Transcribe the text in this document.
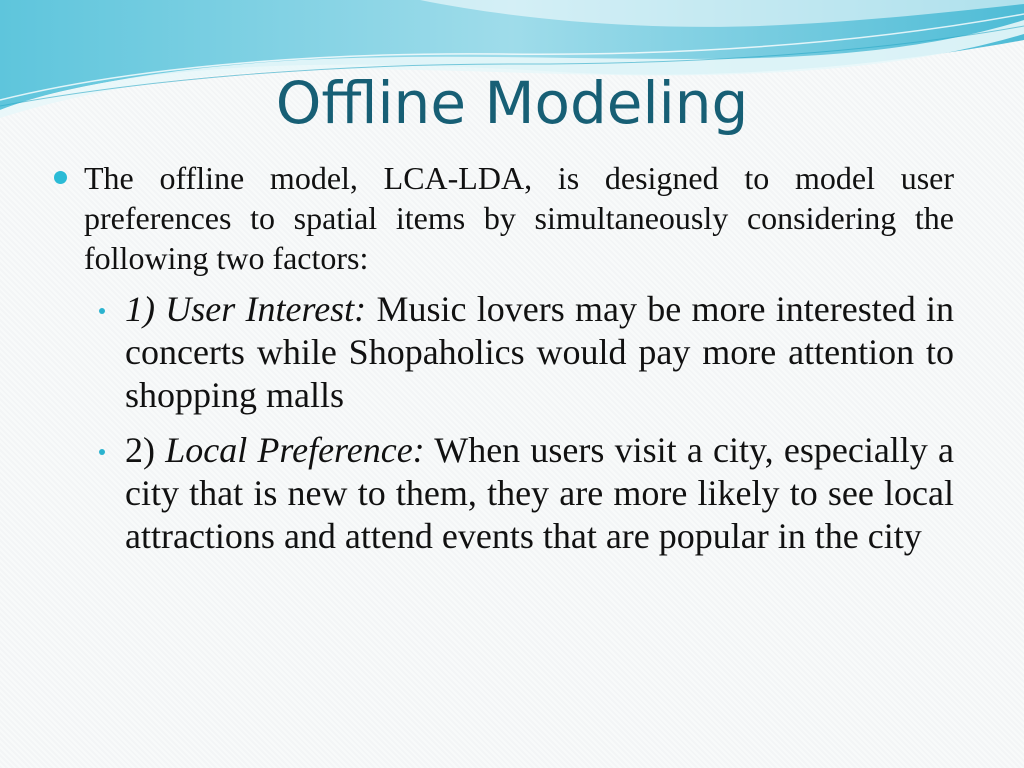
Offline Modeling

The offline model, LCA-LDA, is designed to model user preferences to spatial items by simultaneously considering the following two factors:

1) User Interest: Music lovers may be more interested in concerts while Shopaholics would pay more attention to shopping malls
2) Local Preference: When users visit a city, especially a city that is new to them, they are more likely to see local attractions and attend events that are popular in the city
